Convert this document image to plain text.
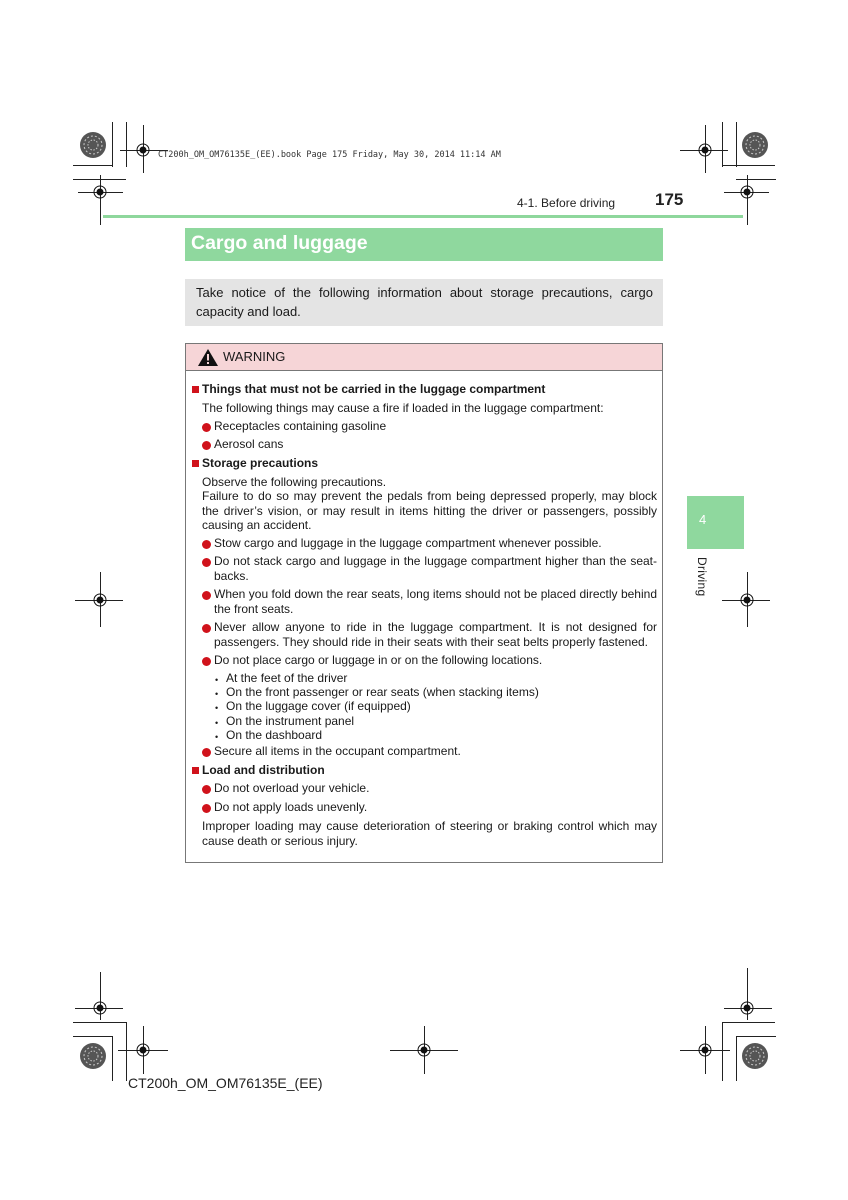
CT200h_OM_OM76135E_(EE).book Page 175 Friday, May 30, 2014 11:14 AM
4-1. Before driving 175
Cargo and luggage
Take notice of the following information about storage precautions, cargo capacity and load.
4
Driving
WARNING
Things that must not be carried in the luggage compartment
The following things may cause a fire if loaded in the luggage compartment:
Receptacles containing gasoline
Aerosol cans
Storage precautions
Observe the following precautions.
Failure to do so may prevent the pedals from being depressed properly, may block the driver’s vision, or may result in items hitting the driver or passengers, possibly causing an accident.
Stow cargo and luggage in the luggage compartment whenever possible.
Do not stack cargo and luggage in the luggage compartment higher than the seat-backs.
When you fold down the rear seats, long items should not be placed directly behind the front seats.
Never allow anyone to ride in the luggage compartment. It is not designed for passengers. They should ride in their seats with their seat belts properly fastened.
Do not place cargo or luggage in or on the following locations.
• At the feet of the driver
• On the front passenger or rear seats (when stacking items)
• On the luggage cover (if equipped)
• On the instrument panel
• On the dashboard
Secure all items in the occupant compartment.
Load and distribution
Do not overload your vehicle.
Do not apply loads unevenly.
Improper loading may cause deterioration of steering or braking control which may cause death or serious injury.
CT200h_OM_OM76135E_(EE)
